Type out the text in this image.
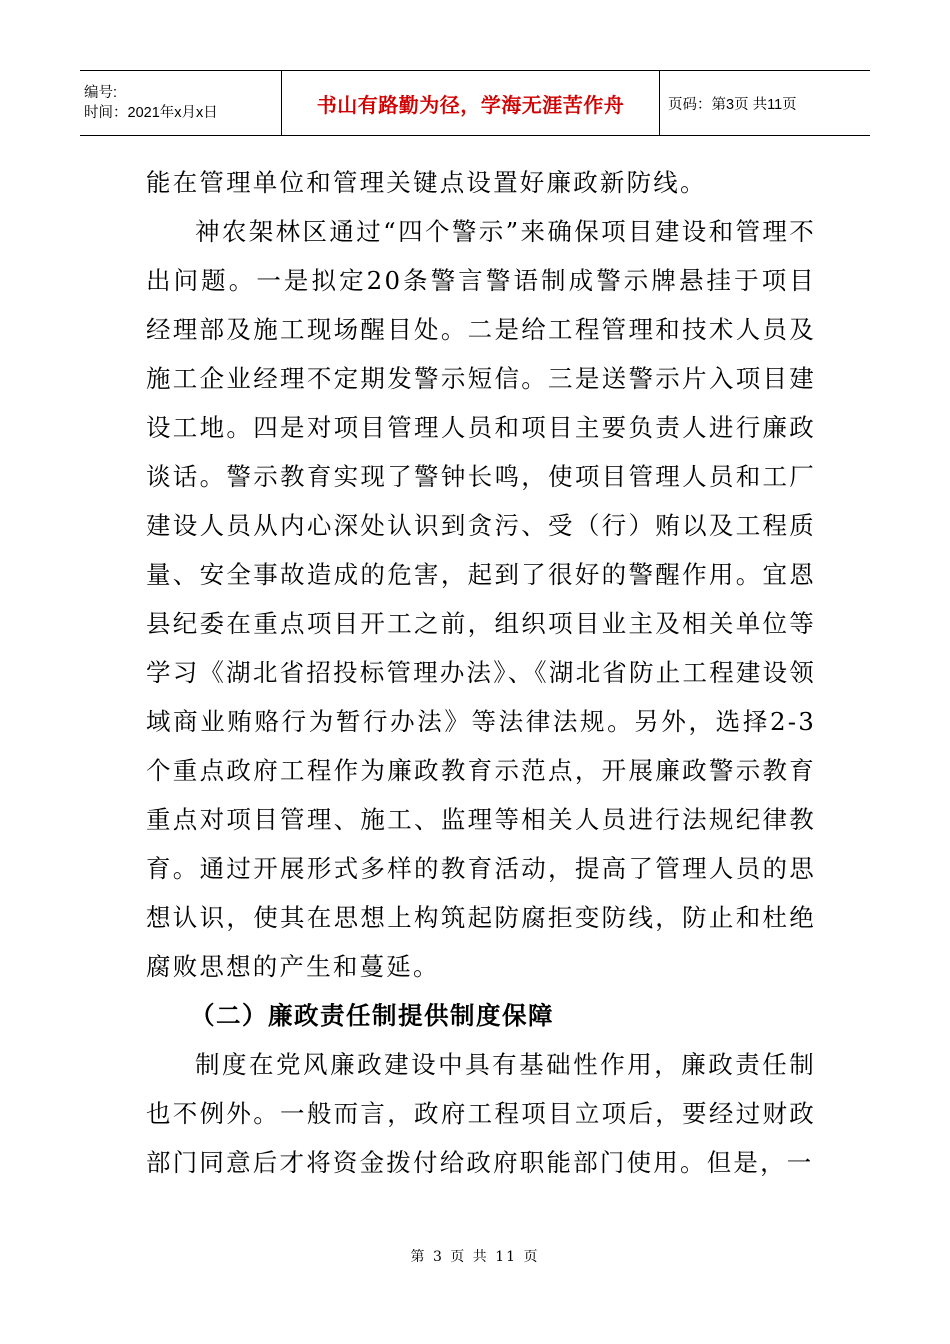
编号:
时间：2021年x月x日	书山有路勤为径，学海无涯苦作舟	页码：第3页 共11页

能在管理单位和管理关键点设置好廉政新防线。

神农架林区通过“四个警示”来确保项目建设和管理不出问题。一是拟定20条警言警语制成警示牌悬挂于项目经理部及施工现场醒目处。二是给工程管理和技术人员及施工企业经理不定期发警示短信。三是送警示片入项目建设工地。四是对项目管理人员和项目主要负责人进行廉政谈话。警示教育实现了警钟长鸣，使项目管理人员和工厂建设人员从内心深处认识到贪污、受（行）贿以及工程质量、安全事故造成的危害，起到了很好的警醒作用。宜恩县纪委在重点项目开工之前，组织项目业主及相关单位等学习《湖北省招投标管理办法》、《湖北省防止工程建设领域商业贿赂行为暂行办法》等法律法规。另外，选择2-3个重点政府工程作为廉政教育示范点，开展廉政警示教育重点对项目管理、施工、监理等相关人员进行法规纪律教育。通过开展形式多样的教育活动，提高了管理人员的思想认识，使其在思想上构筑起防腐拒变防线，防止和杜绝腐败思想的产生和蔓延。

（二）廉政责任制提供制度保障

制度在党风廉政建设中具有基础性作用，廉政责任制也不例外。一般而言，政府工程项目立项后，要经过财政部门同意后才将资金拨付给政府职能部门使用。但是，一

第 3 页 共 11 页
